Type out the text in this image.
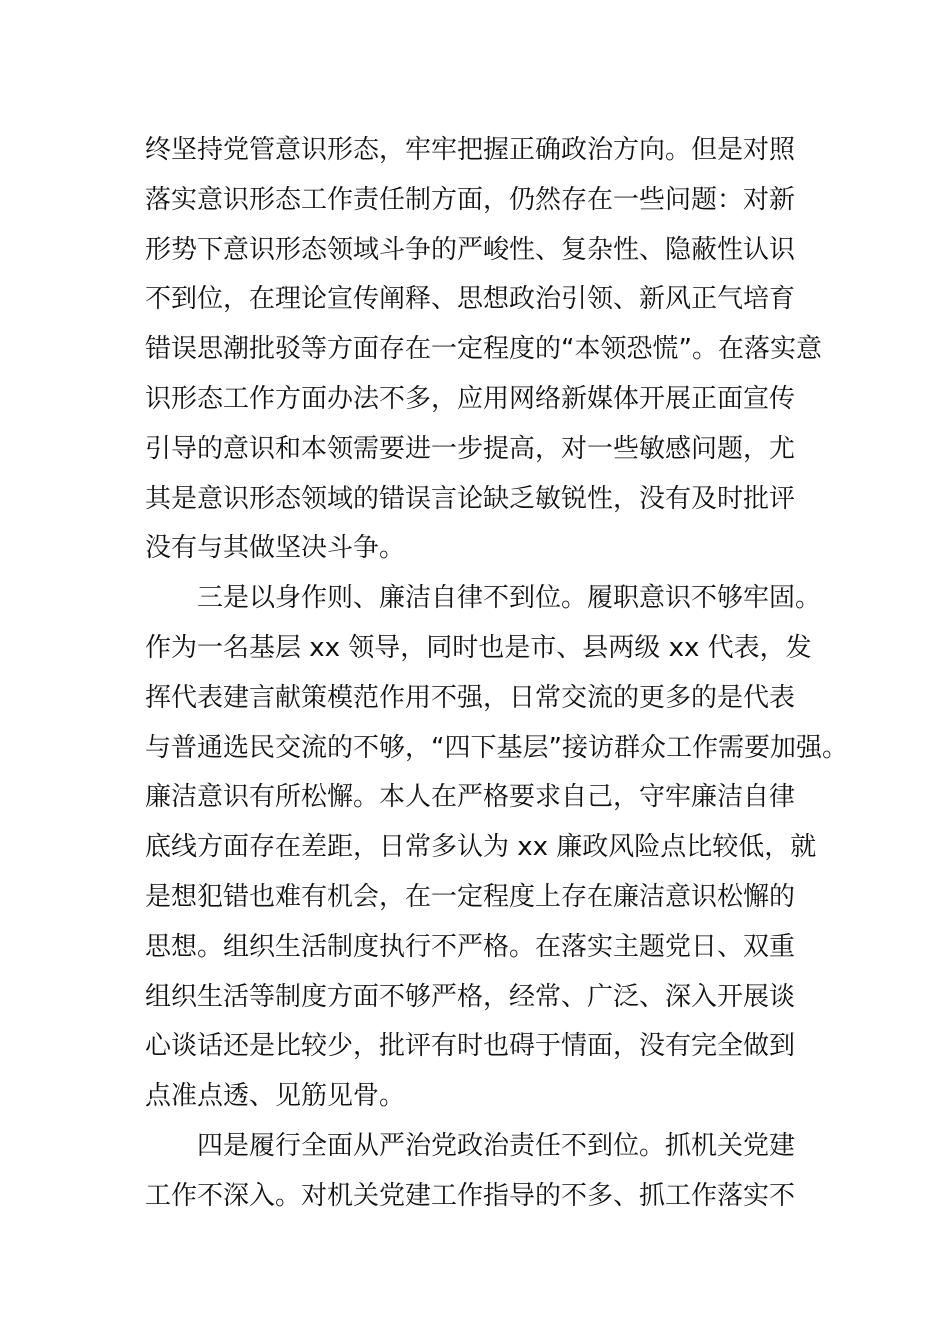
终坚持党管意识形态，牢牢把握正确政治方向。但是对照
落实意识形态工作责任制方面，仍然存在一些问题：对新
形势下意识形态领域斗争的严峻性、复杂性、隐蔽性认识
不到位，在理论宣传阐释、思想政治引领、新风正气培育
错误思潮批驳等方面存在一定程度的“本领恐慌”。在落实意
识形态工作方面办法不多，应用网络新媒体开展正面宣传
引导的意识和本领需要进一步提高，对一些敏感问题，尤
其是意识形态领域的错误言论缺乏敏锐性，没有及时批评
没有与其做坚决斗争。
三是以身作则、廉洁自律不到位。履职意识不够牢固。
作为一名基层 xx 领导，同时也是市、县两级 xx 代表，发
挥代表建言献策模范作用不强，日常交流的更多的是代表
与普通选民交流的不够，“四下基层”接访群众工作需要加强。
廉洁意识有所松懈。本人在严格要求自己，守牢廉洁自律
底线方面存在差距，日常多认为 xx 廉政风险点比较低，就
是想犯错也难有机会，在一定程度上存在廉洁意识松懈的
思想。组织生活制度执行不严格。在落实主题党日、双重
组织生活等制度方面不够严格，经常、广泛、深入开展谈
心谈话还是比较少，批评有时也碍于情面，没有完全做到
点准点透、见筋见骨。
四是履行全面从严治党政治责任不到位。抓机关党建
工作不深入。对机关党建工作指导的不多、抓工作落实不
